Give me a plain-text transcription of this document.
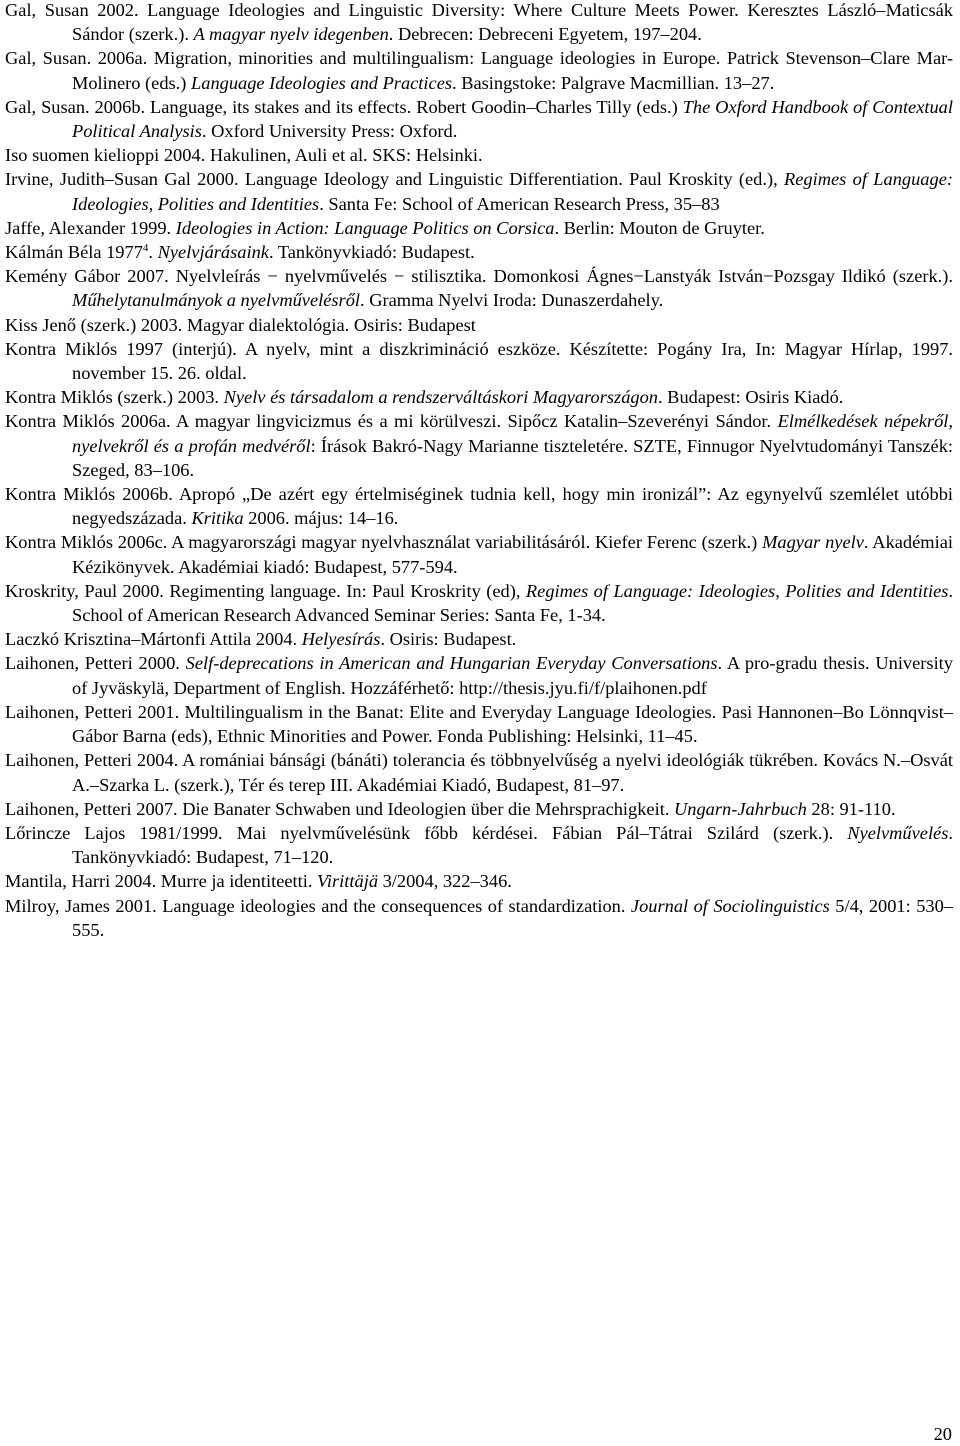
Gal, Susan 2002. Language Ideologies and Linguistic Diversity: Where Culture Meets Power. Keresztes László–Maticsák Sándor (szerk.). A magyar nyelv idegenben. Debrecen: Debreceni Egyetem, 197–204.

Gal, Susan. 2006a. Migration, minorities and multilingualism: Language ideologies in Europe. Patrick Stevenson–Clare Mar-Molinero (eds.) Language Ideologies and Practices. Basingstoke: Palgrave Macmillian. 13–27.

Gal, Susan. 2006b. Language, its stakes and its effects. Robert Goodin–Charles Tilly (eds.) The Oxford Handbook of Contextual Political Analysis. Oxford University Press: Oxford.

Iso suomen kielioppi 2004. Hakulinen, Auli et al. SKS: Helsinki.

Irvine, Judith–Susan Gal 2000. Language Ideology and Linguistic Differentiation. Paul Kroskity (ed.), Regimes of Language: Ideologies, Polities and Identities. Santa Fe: School of American Research Press, 35–83

Jaffe, Alexander 1999. Ideologies in Action: Language Politics on Corsica. Berlin: Mouton de Gruyter.

Kálmán Béla 1977$^4$. Nyelvjárásaink. Tankönyvkiadó: Budapest.

Kemény Gábor 2007. Nyelvleírás − nyelvművelés − stilisztika. Domonkosi Ágnes−Lanstyák István−Pozsgay Ildikó (szerk.). Műhelytanulmányok a nyelvművelésről. Gramma Nyelvi Iroda: Dunaszerdahely.

Kiss Jenő (szerk.) 2003. Magyar dialektológia. Osiris: Budapest

Kontra Miklós 1997 (interjú). A nyelv, mint a diszkrimináció eszköze. Készítette: Pogány Ira, In: Magyar Hírlap, 1997. november 15. 26. oldal.

Kontra Miklós (szerk.) 2003. Nyelv és társadalom a rendszerváltáskori Magyarországon. Budapest: Osiris Kiadó.

Kontra Miklós 2006a. A magyar lingvicizmus és a mi körülveszi. Sipőcz Katalin–Szeverényi Sándor. Elmélkedések népekről, nyelvekről és a profán medvéről: Írások Bakró-Nagy Marianne tiszteletére. SZTE, Finnugor Nyelvtudományi Tanszék: Szeged, 83–106.

Kontra Miklós 2006b. Apropó „De azért egy értelmiséginek tudnia kell, hogy min ironizál”: Az egynyelvű szemlélet utóbbi negyedszázada. Kritika 2006. május: 14–16.

Kontra Miklós 2006c. A magyarországi magyar nyelvhasználat variabilitásáról. Kiefer Ferenc (szerk.) Magyar nyelv. Akadémiai Kézikönyvek. Akadémiai kiadó: Budapest, 577-594.

Kroskrity, Paul 2000. Regimenting language. In: Paul Kroskrity (ed), Regimes of Language: Ideologies, Polities and Identities. School of American Research Advanced Seminar Series: Santa Fe, 1-34.

Laczkó Krisztina–Mártonfi Attila 2004. Helyesírás. Osiris: Budapest.

Laihonen, Petteri 2000. Self-deprecations in American and Hungarian Everyday Conversations. A pro-gradu thesis. University of Jyväskylä, Department of English. Hozzáférhető: http://thesis.jyu.fi/f/plaihonen.pdf

Laihonen, Petteri 2001. Multilingualism in the Banat: Elite and Everyday Language Ideologies. Pasi Hannonen–Bo Lönnqvist–Gábor Barna (eds), Ethnic Minorities and Power. Fonda Publishing: Helsinki, 11–45.

Laihonen, Petteri 2004. A romániai bánsági (bánáti) tolerancia és többnyelvűség a nyelvi ideológiák tükrében. Kovács N.–Osvát A.–Szarka L. (szerk.), Tér és terep III. Akadémiai Kiadó, Budapest, 81–97.

Laihonen, Petteri 2007. Die Banater Schwaben und Ideologien über die Mehrsprachigkeit. Ungarn-Jahrbuch 28: 91-110.

Lőrincze Lajos 1981/1999. Mai nyelvművelésünk főbb kérdései. Fábian Pál–Tátrai Szilárd (szerk.). Nyelvművelés. Tankönyvkiadó: Budapest, 71–120.

Mantila, Harri 2004. Murre ja identiteetti. Virittäjä 3/2004, 322–346.

Milroy, James 2001. Language ideologies and the consequences of standardization. Journal of Sociolinguistics 5/4, 2001: 530–555.

20
